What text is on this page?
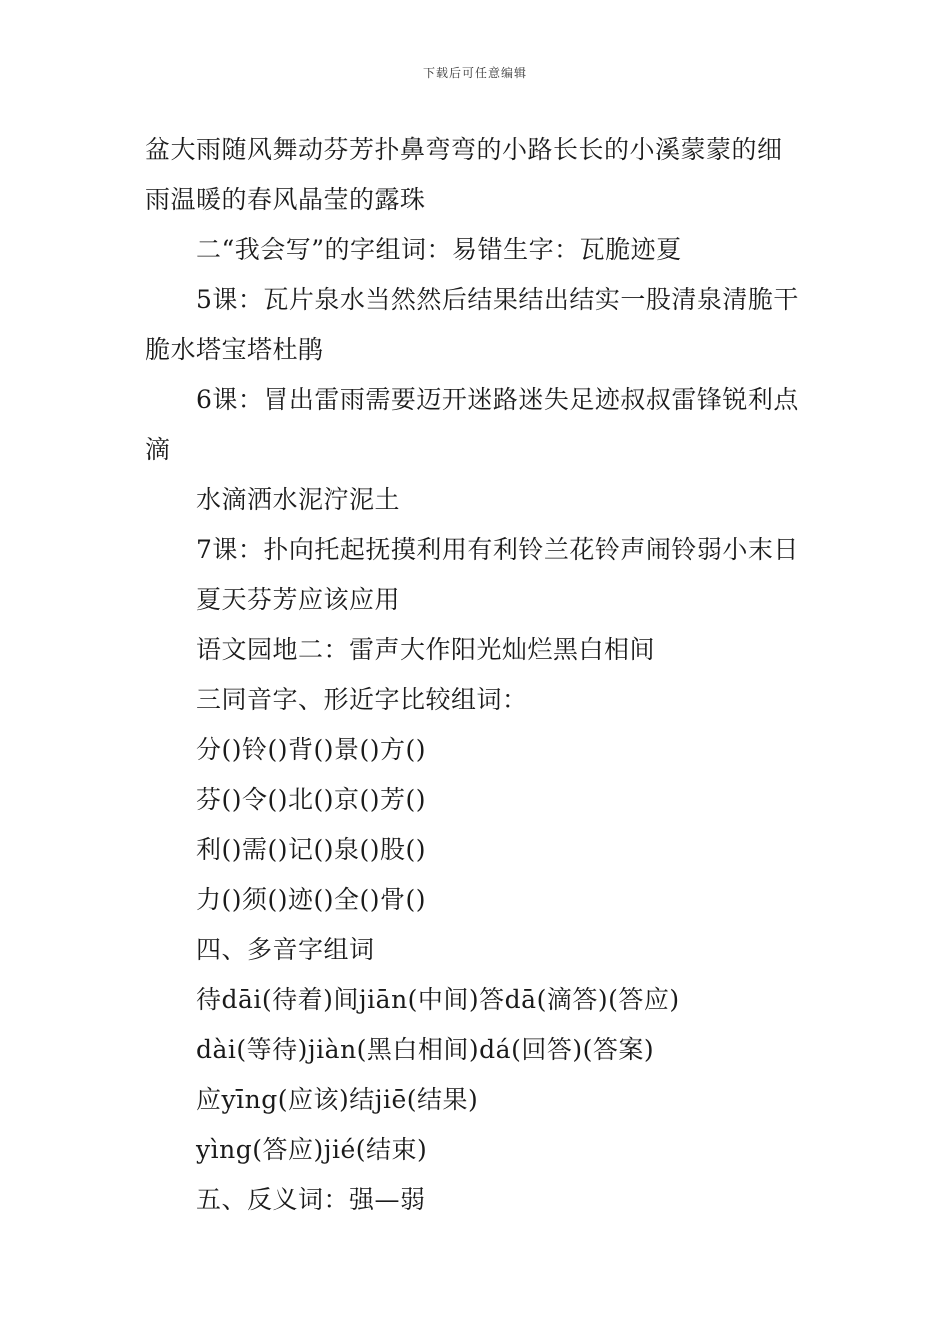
下载后可任意编辑
盆大雨随风舞动芬芳扑鼻弯弯的小路长长的小溪蒙蒙的细
雨温暖的春风晶莹的露珠
二“我会写”的字组词：易错生字：瓦脆迹夏
5课：瓦片泉水当然然后结果结出结实一股清泉清脆干
脆水塔宝塔杜鹃
6课：冒出雷雨需要迈开迷路迷失足迹叔叔雷锋锐利点
滴
水滴洒水泥泞泥土
7课：扑向托起抚摸利用有利铃兰花铃声闹铃弱小末日
夏天芬芳应该应用
语文园地二：雷声大作阳光灿烂黑白相间
三同音字、形近字比较组词：
分()铃()背()景()方()
芬()令()北()京()芳()
利()需()记()泉()股()
力()须()迹()全()骨()
四、多音字组词
待dāi(待着)间jiān(中间)答dā(滴答)(答应)
dài(等待)jiàn(黑白相间)dá(回答)(答案)
应yīng(应该)结jiē(结果)
yìng(答应)jié(结束)
五、反义词：强—弱
